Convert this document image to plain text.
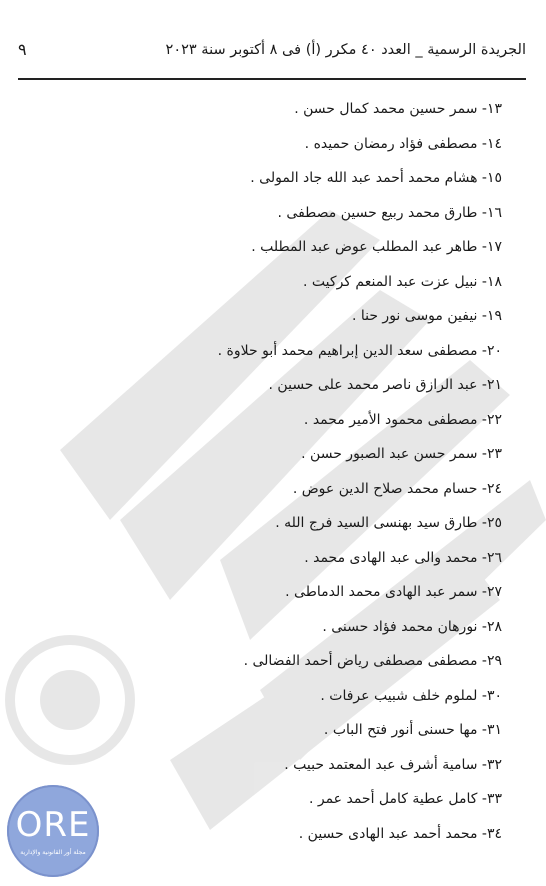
الجريدة الرسمية _ العدد ٤٠ مكرر (أ) فى ٨ أكتوبر سنة ٢٠٢٣
٩
١٣- سمر حسين محمد كمال حسن .
١٤- مصطفى فؤاد رمضان حميده .
١٥- هشام محمد أحمد عبد الله جاد المولى .
١٦- طارق محمد ربيع حسين مصطفى .
١٧- طاهر عبد المطلب عوض عبد المطلب .
١٨- نبيل عزت عبد المنعم كركيت .
١٩- نيفين موسى نور حنا .
٢٠- مصطفى سعد الدين إبراهيم محمد أبو حلاوة .
٢١- عبد الرازق ناصر محمد على حسين .
٢٢- مصطفى محمود الأمير محمد .
٢٣- سمر حسن عبد الصبور حسن .
٢٤- حسام محمد صلاح الدين عوض .
٢٥- طارق سيد بهنسى السيد فرج الله .
٢٦- محمد والى عبد الهادى محمد .
٢٧- سمر عبد الهادى محمد الدماطى .
٢٨- نورهان محمد فؤاد حسنى .
٢٩- مصطفى مصطفى رياض أحمد الفضالى .
٣٠- لملوم خلف شبيب عرفات .
٣١- مها حسنى أنور فتح الباب .
٣٢- سامية أشرف عبد المعتمد حبيب .
٣٣- كامل عطية كامل أحمد عمر .
٣٤- محمد أحمد عبد الهادى حسين .
ORE
مجلة أور القانونية والإدارية
